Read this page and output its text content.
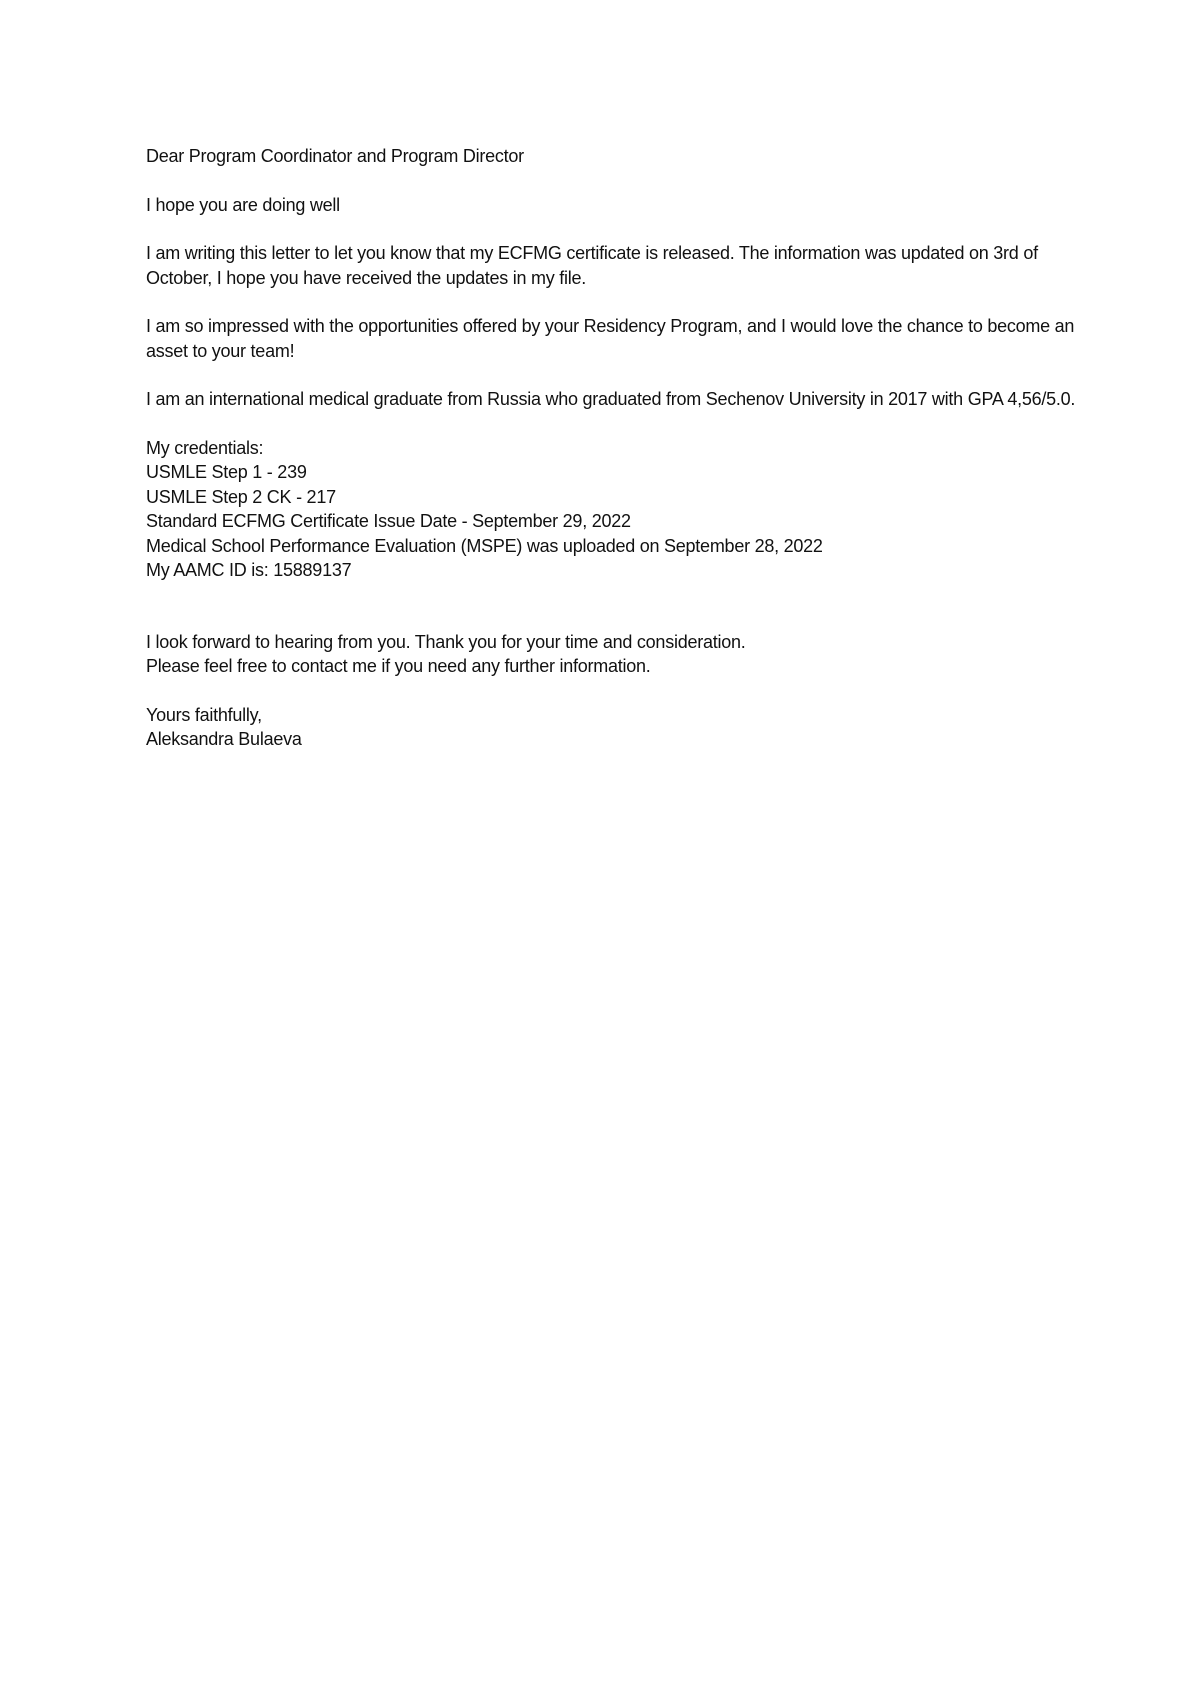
Dear Program Coordinator and Program Director

I hope you are doing well

I am writing this letter to let you know that my ECFMG certificate is released. The information was updated on 3rd of October, I hope you have received the updates in my file.

I am so impressed with the opportunities offered by your Residency Program, and I would love the chance to become an asset to your team!

I am an international medical graduate from Russia who graduated from Sechenov University in 2017 with GPA 4,56/5.0.

My credentials:
USMLE Step 1 - 239
USMLE Step 2 CK - 217
Standard ECFMG Certificate Issue Date - September 29, 2022
Medical School Performance Evaluation (MSPE) was uploaded on September 28, 2022
My AAMC ID is: 15889137
I look forward to hearing from you. Thank you for your time and consideration.
Please feel free to contact me if you need any further information.
Yours faithfully,
Aleksandra Bulaeva
